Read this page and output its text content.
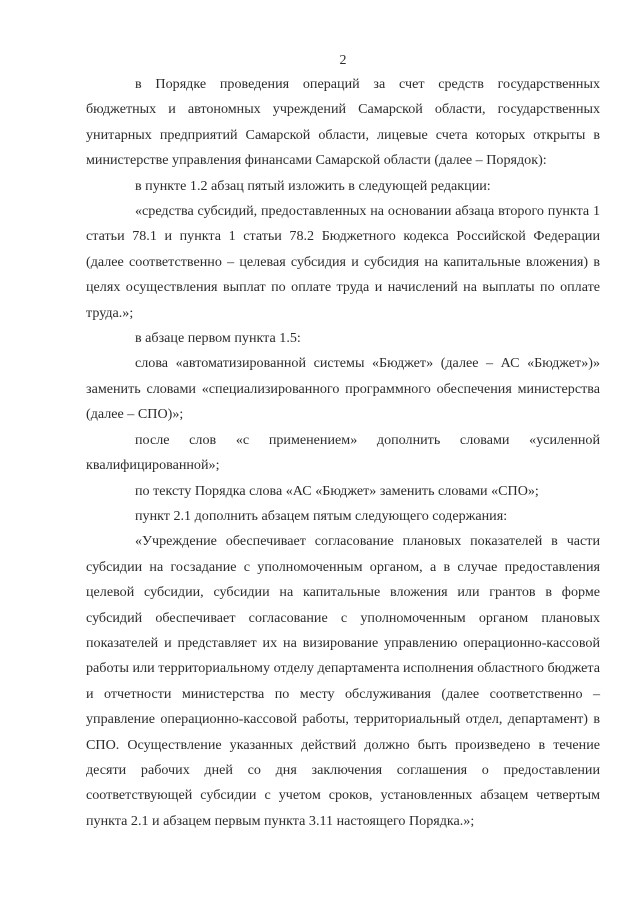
2

в Порядке проведения операций за счет средств государственных бюджетных и автономных учреждений Самарской области, государственных унитарных предприятий Самарской области, лицевые счета которых открыты в министерстве управления финансами Самарской области (далее – Порядок):

в пункте 1.2 абзац пятый изложить в следующей редакции:

«средства субсидий, предоставленных на основании абзаца второго пункта 1 статьи 78.1 и пункта 1 статьи 78.2 Бюджетного кодекса Российской Федерации (далее соответственно – целевая субсидия и субсидия на капитальные вложения) в целях осуществления выплат по оплате труда и начислений на выплаты по оплате труда.»;

в абзаце первом пункта 1.5:

слова «автоматизированной системы «Бюджет» (далее – АС «Бюджет»)» заменить словами «специализированного программного обеспечения министерства (далее – СПО)»;

после слов «с применением» дополнить словами «усиленной квалифицированной»;

по тексту Порядка слова «АС «Бюджет» заменить словами «СПО»;

пункт 2.1 дополнить абзацем пятым следующего содержания:

«Учреждение обеспечивает согласование плановых показателей в части субсидии на госзадание с уполномоченным органом, а в случае предоставления целевой субсидии, субсидии на капитальные вложения или грантов в форме субсидий обеспечивает согласование с уполномоченным органом плановых показателей и представляет их на визирование управлению операционно-кассовой работы или территориальному отделу департамента исполнения областного бюджета и отчетности министерства по месту обслуживания (далее соответственно – управление операционно-кассовой работы, территориальный отдел, департамент) в СПО. Осуществление указанных действий должно быть произведено в течение десяти рабочих дней со дня заключения соглашения о предоставлении соответствующей субсидии с учетом сроков, установленных абзацем четвертым пункта 2.1 и абзацем первым пункта 3.11 настоящего Порядка.»;
